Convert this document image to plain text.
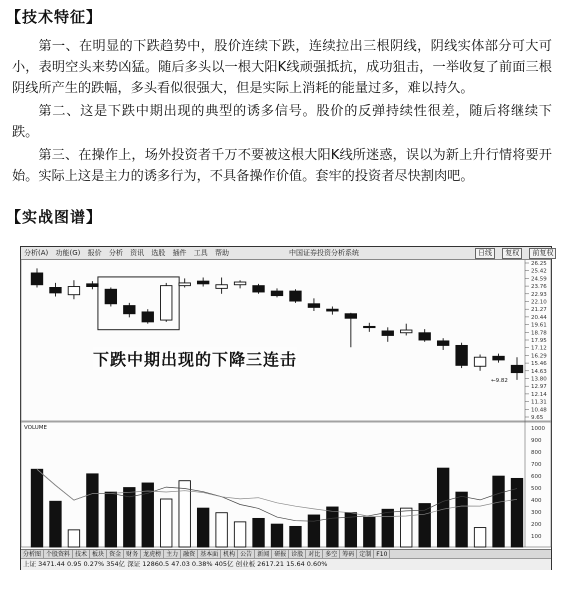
【技术特征】

第一、在明显的下跌趋势中，股价连续下跌，连续拉出三根阴线，阴线实体部分可大可小，表明空头来势凶猛。随后多头以一根大阳K线顽强抵抗，成功狙击，一举收复了前面三根阴线所产生的跌幅，多头看似很强大，但是实际上消耗的能量过多，难以持久。

第二、这是下跌中期出现的典型的诱多信号。股价的反弹持续性很差，随后将继续下跌。

第三、在操作上，场外投资者千万不要被这根大阳K线所迷惑，误以为新上升行情将要开始。实际上这是主力的诱多行为，不具备操作价值。套牢的投资者尽快割肉吧。

【实战图谱】
26.25
25.42
24.59
23.76
22.93
22.10
21.27
20.44
19.61
18.78
17.95
17.12
16.29
15.46
14.63
13.80
12.97
12.14
11.31
10.48
9.65
1000
900
800
700
600
500
400
300
200
100
VOLUME
←9.82
分析(A) 功能(G) 报价 分析 资讯 选股 插件 工具 帮助	中国证券投资分析系统	日线 复权 前复权
下跌中期出现的下降三连击
分析图 个股资料 技术 板块 资金 财务 龙虎榜 主力 融资 基本面 机构 公告 新闻 研报 诊股 对比 多空 筹码 定制 F10
上证 3471.44 0.95 0.27% 354亿 深证 12860.5 47.03 0.38% 405亿 创业板 2617.21 15.64 0.60%
